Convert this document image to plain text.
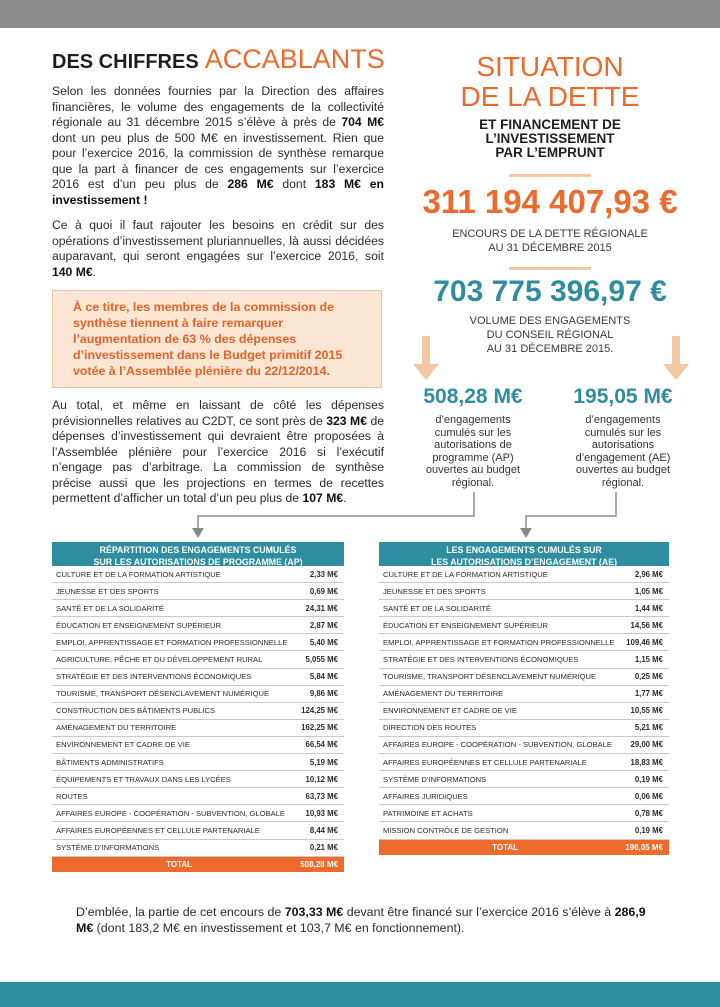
DES CHIFFRES ACCABLANTS

Selon les données fournies par la Direction des affaires financières, le volume des engagements de la collectivité régionale au 31 décembre 2015 s’élève à près de 704 M€ dont un peu plus de 500 M€ en investissement. Rien que pour l’exercice 2016, la commission de synthèse remarque que la part à financer de ces engagements sur l’exercice 2016 est d’un peu plus de 286 M€ dont 183 M€ en investissement !

Ce à quoi il faut rajouter les besoins en crédit sur des opérations d’investissement pluriannuelles, là aussi décidées auparavant, qui seront engagées sur l’exercice 2016, soit 140 M€.

À ce titre, les membres de la commission de synthèse tiennent à faire remarquer l’augmentation de 63 % des dépenses d’investissement dans le Budget primitif 2015 votée à l’Assemblée plénière du 22/12/2014.

Au total, et même en laissant de côté les dépenses prévisionnelles relatives au C2DT, ce sont près de 323 M€ de dépenses d’investissement qui devraient être proposées à l’Assemblée plénière pour l’exercice 2016 si l’exécutif n’engage pas d’arbitrage. La commission de synthèse précise aussi que les projections en termes de recettes permettent d’afficher un total d’un peu plus de 107 M€.

SITUATION
DE LA DETTE
ET FINANCEMENT DE
L’INVESTISSEMENT
PAR L’EMPRUNT
311 194 407,93 €
ENCOURS DE LA DETTE RÉGIONALE
AU 31 DÉCEMBRE 2015
703 775 396,97 €
VOLUME DES ENGAGEMENTS
DU CONSEIL RÉGIONAL
AU 31 DÉCEMBRE 2015.
508,28 M€
d’engagements
cumulés sur les
autorisations de
programme (AP)
ouvertes au budget
régional.
195,05 M€
d’engagements
cumulés sur les
autorisations
d’engagement (AE)
ouvertes au budget
régional.
RÉPARTITION DES ENGAGEMENTS CUMULÉS
SUR LES AUTORISATIONS DE PROGRAMME (AP)
CULTURE ET DE LA FORMATION ARTISTIQUE	2,33 M€
JEUNESSE ET DES SPORTS	0,69 M€
SANTÉ ET DE LA SOLIDARITÉ	24,31 M€
ÉDUCATION ET ENSEIGNEMENT SUPÉRIEUR	2,87 M€
EMPLOI, APPRENTISSAGE ET FORMATION PROFESSIONNELLE	5,40 M€
AGRICULTURE, PÊCHE ET DU DÉVELOPPEMENT RURAL	5,055 M€
STRATÉGIE ET DES INTERVENTIONS ÉCONOMIQUES	5,84 M€
TOURISME, TRANSPORT DÉSENCLAVEMENT NUMÉRIQUE	9,86 M€
CONSTRUCTION DES BÂTIMENTS PUBLICS	124,25 M€
AMÉNAGEMENT DU TERRITOIRE	162,25 M€
ENVIRONNEMENT ET CADRE DE VIE	66,54 M€
BÂTIMENTS ADMINISTRATIFS	5,19 M€
ÉQUIPEMENTS ET TRAVAUX DANS LES LYCÉES	10,12 M€
ROUTES	63,73 M€
AFFAIRES EUROPE - COOPÉRATION - SUBVENTION, GLOBALE	10,93 M€
AFFAIRES EUROPÉENNES ET CELLULE PARTENARIALE	8,44 M€
SYSTÈME D’INFORMATIONS	0,21 M€
TOTAL	508,28 M€
LES ENGAGEMENTS CUMULÉS SUR
LES AUTORISATIONS D’ENGAGEMENT (AE)
CULTURE ET DE LA FORMATION ARTISTIQUE	2,96 M€
JEUNESSE ET DES SPORTS	1,05 M€
SANTÉ ET DE LA SOLIDARITÉ	1,44 M€
ÉDUCATION ET ENSEIGNEMENT SUPÉRIEUR	14,56 M€
EMPLOI, APPRENTISSAGE ET FORMATION PROFESSIONNELLE 109,46 M€
STRATÉGIE ET DES INTERVENTIONS ÉCONOMIQUES	1,15 M€
TOURISME, TRANSPORT DÉSENCLAVEMENT NUMÉRIQUE	0,25 M€
AMÉNAGEMENT DU TERRITOIRE	1,77 M€
ENVIRONNEMENT ET CADRE DE VIE	10,55 M€
DIRECTION DES ROUTES	5,21 M€
AFFAIRES EUROPE - COOPÉRATION - SUBVENTION, GLOBALE 29,00 M€
AFFAIRES EUROPÉENNES ET CELLULE PARTENARIALE	18,83 M€
SYSTÈME D’INFORMATIONS	0,19 M€
AFFAIRES JURIDIQUES	0,06 M€
PATRIMOINE ET ACHATS	0,78 M€
MISSION CONTRÔLE DE GESTION	0,19 M€
TOTAL	196,05 M€
D’emblée, la partie de cet encours de 703,33 M€ devant être financé sur l’exercice 2016 s’élève à 286,9 M€ (dont 183,2 M€ en investissement et 103,7 M€ en fonctionnement).
